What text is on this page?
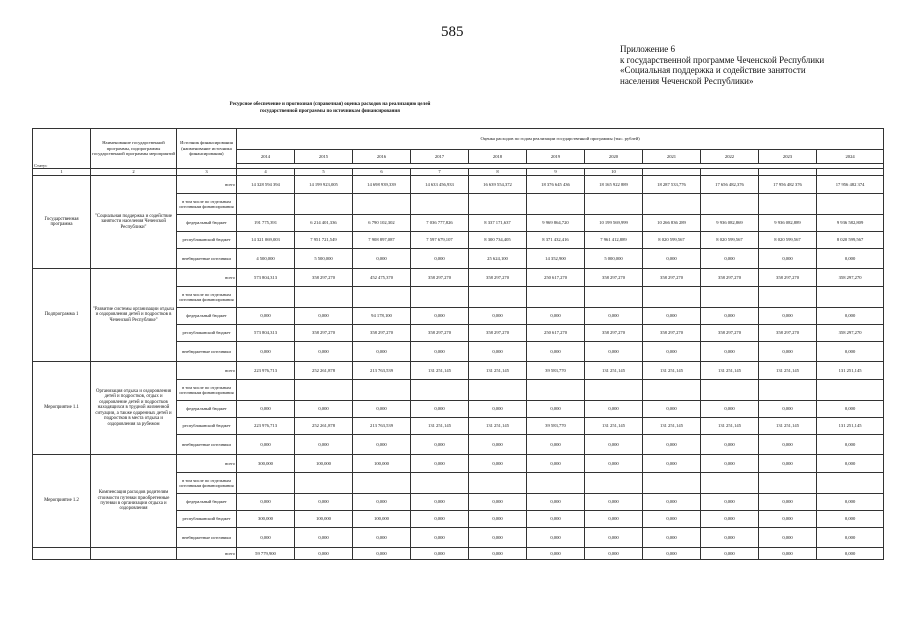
585
Приложение 6
к государственной программе Чеченской Республики
«Социальная поддержка и содействие занятости
населения Чеченской Республики»
Ресурсное обеспечение и прогнозная (справочная) оценка расходов на реализацию целей
государственной программы по источникам финансирования
Статус	Наименование государственной программы, подпрограммы государственной программы мероприятий	Источник финансирования (наименование источника финансирования)	Оценка расходов по годам реализации государственной программы (тыс. рублей)										
			2014	2015	2016	2017	2018	2019	2020	2021	2022	2023	2024

1	2	3	4	5	6	7	8	9	10				
Государственная программа	"Социальная поддержка и содействие занятости населения Чеченской Республики"	всего	14 328 594 394	14 199 923,005	14 698 939,339	14 633 456,933	16 639 554,372	18 376 645 436	18 165 922 889	18 287 533,776	17 656 482,376	17 956 482 376	17 956 482 374
		в том числе по отдельным источникам финансирования											
		федеральный бюджет	191 775,391	6 214 401,336	6 790 102,302	7 036 777,826	8 337 171,637	9 969 864,720	10 199 569,999	10 266 836 289	9 936 082,869	9 936 082,889	9 936 582,809
		республиканский бюджет	14 321 069,003	7 951 721,549	7 908 897,087	7 597 679,107	8 300 734,405	8 371 432,416	7 961 412,889	8 020 599,567	8 020 599,567	8 020 599,567	8 020 599,567
		внебюджетные источники	4 500,000	5 500,000	0,000	0,000	25 624,100	14 352,900	5 000,000	0,000	0,000	0,000	0,000
Подпрограмма 1	"Развитие системы организации отдыха и оздоровления детей и подростков в Чеченской Республике"	всего	573 804,313	358 297,270	452 475,370	358 297,270	358 297,270	250 617,270	358 297,270	358 297,270	358 297,270	358 297,270	358 297,270
		в том числе по отдельным источникам финансирования											
		федеральный бюджет	0,000	0,000	94 178,100	0,000	0,000	0,000	0,000	0,000	0,000	0,000	0,000
		республиканский бюджет	573 804,313	358 297,270	358 297,270	358 297,270	358 297,270	250 617,270	358 297,270	358 297,270	358 297,270	358 297,270	358 297,270
		внебюджетные источники	0,000	0,000	0,000	0,000	0,000	0,000	0,000	0,000	0,000	0,000	0,000
Мероприятие 1.1	Организация отдыха и оздоровления детей и подростков, отдых и оздоровление детей и подростков находящихся в трудной жизненной ситуации, а также одаренных детей и подростков в места отдыха и оздоровления за рубежом	всего	223 976,713	252 261,878	213 763,539	131 251,145	131 251,145	39 583,770	131 251,145	131 251,145	131 251,145	131 251,145	131 251,145
		в том числе по отдельным источникам финансирования											
		федеральный бюджет	0,000	0,000	0,000	0,000	0,000	0,000	0,000	0,000	0,000	0,000	0,000
		республиканский бюджет	223 976,713	252 261,878	213 763,539	131 251,145	131 251,145	39 583,770	131 251,145	131 251,145	131 251,145	131 251,145	131 251,145
		внебюджетные источники	0,000	0,000	0,000	0,000	0,000	0,000	0,000	0,000	0,000	0,000	0,000
Мероприятие 1.2	Компенсация расходов родителям стоимости путевки приобретенные путевки в организации отдыха и оздоровления	всего	300,000	100,000	100,000	0,000	0,000	0,000	0,000	0,000	0,000	0,000	0,000
		в том числе по отдельным источникам финансирования											
		федеральный бюджет	0,000	0,000	0,000	0,000	0,000	0,000	0,000	0,000	0,000	0,000	0,000
		республиканский бюджет	300,000	100,000	100,000	0,000	0,000	0,000	0,000	0,000	0,000	0,000	0,000
		внебюджетные источники	0,000	0,000	0,000	0,000	0,000	0,000	0,000	0,000	0,000	0,000	0,000
		всего	59 779,900	0,000	0,000	0,000	0,000	0,000	0,000	0,000	0,000	0,000	0,000
